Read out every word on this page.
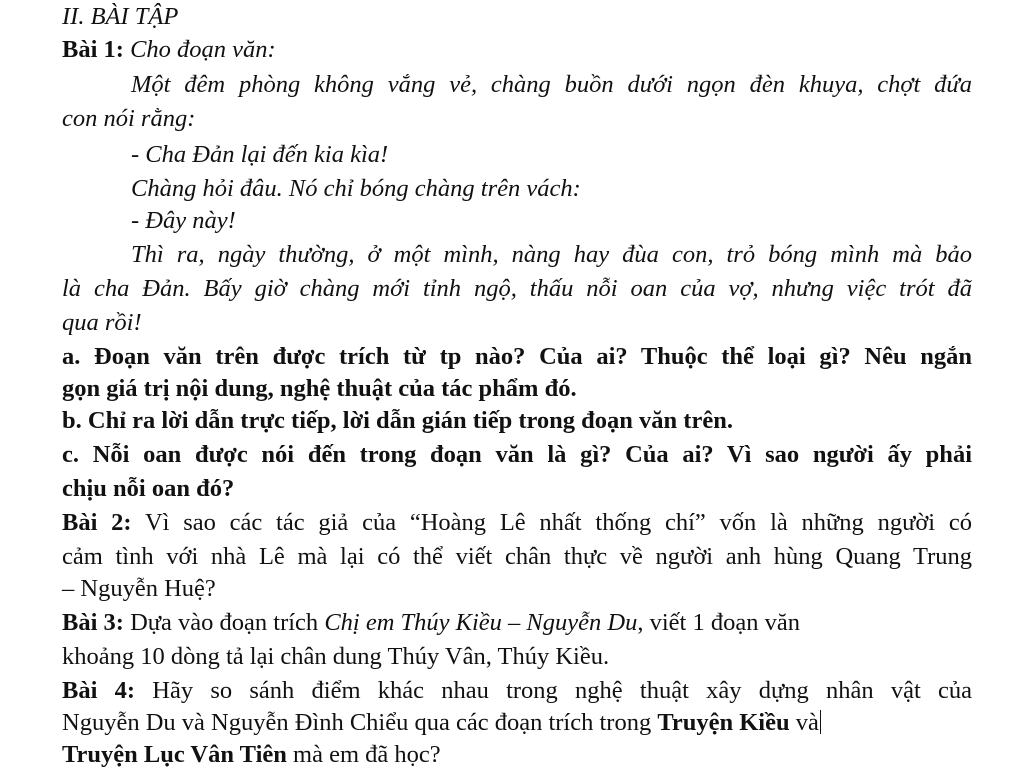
II. BÀI TẬP
Bài 1: Cho đoạn văn:
Một đêm phòng không vắng vẻ, chàng buồn dưới ngọn đèn khuya, chợt đứa
con nói rằng:
- Cha Đản lại đến kia kìa!
Chàng hỏi đâu. Nó chỉ bóng chàng trên vách:
- Đây này!
Thì ra, ngày thường, ở một mình, nàng hay đùa con, trỏ bóng mình mà bảo
là cha Đản. Bấy giờ chàng mới tỉnh ngộ, thấu nỗi oan của vợ, nhưng việc trót đã
qua rồi!
a. Đoạn văn trên được trích từ tp nào? Của ai? Thuộc thể loại gì? Nêu ngắn
gọn giá trị nội dung, nghệ thuật của tác phẩm đó.
b. Chỉ ra lời dẫn trực tiếp, lời dẫn gián tiếp trong đoạn văn trên.
c. Nỗi oan được nói đến trong đoạn văn là gì? Của ai? Vì sao người ấy phải
chịu nỗi oan đó?
Bài 2: Vì sao các tác giả của “Hoàng Lê nhất thống chí” vốn là những người có
cảm tình với nhà Lê mà lại có thể viết chân thực về người anh hùng Quang Trung
– Nguyễn Huệ?
Bài 3: Dựa vào đoạn trích Chị em Thúy Kiều – Nguyễn Du, viết 1 đoạn văn
khoảng 10 dòng tả lại chân dung Thúy Vân, Thúy Kiều.
Bài 4: Hãy so sánh điểm khác nhau trong nghệ thuật xây dựng nhân vật của
Nguyễn Du và Nguyễn Đình Chiểu qua các đoạn trích trong Truyện Kiều và
Truyện Lục Vân Tiên mà em đã học?
